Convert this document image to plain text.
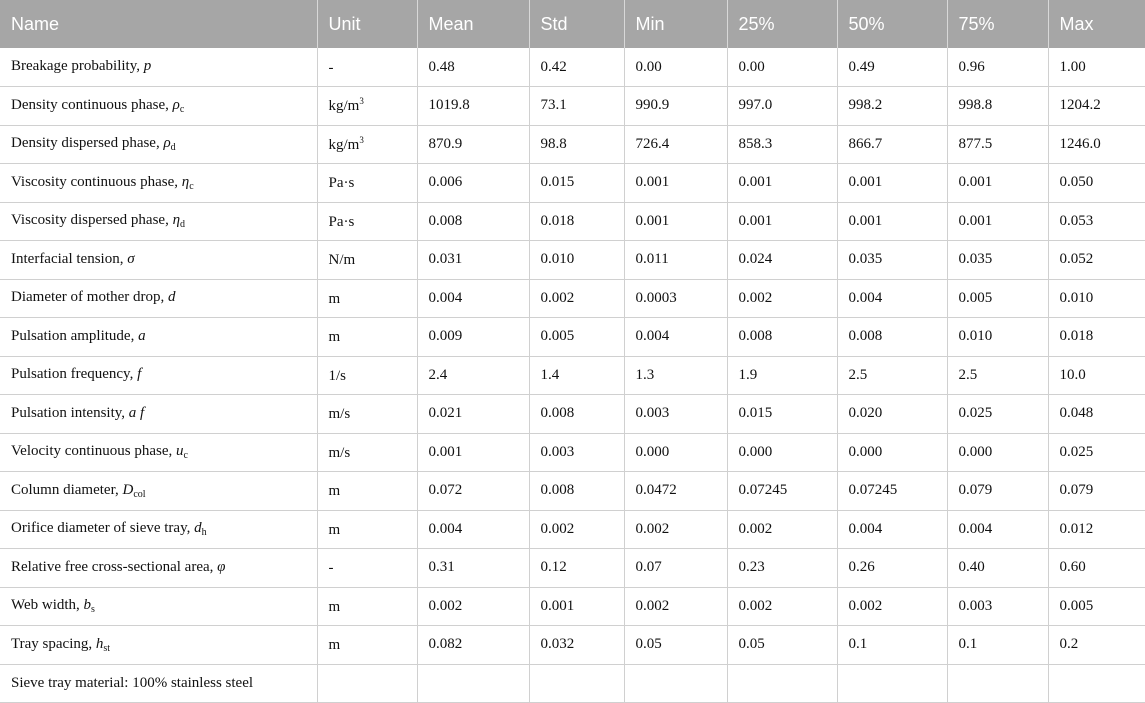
Name	Unit	Mean	Std	Min	25%	50%	75%	Max
Breakage probability, p	-	0.48	0.42	0.00	0.00	0.49	0.96	1.00
Density continuous phase, $\rho_c$	$kg/m^3$	1019.8	73.1	990.9	997.0	998.2	998.8	1204.2
Density dispersed phase, $\rho_d$	$kg/m^3$	870.9	98.8	726.4	858.3	866.7	877.5	1246.0
Viscosity continuous phase, $\eta_c$	Pa·s	0.006	0.015	0.001	0.001	0.001	0.001	0.050
Viscosity dispersed phase, $\eta_d$	Pa·s	0.008	0.018	0.001	0.001	0.001	0.001	0.053
Interfacial tension, σ	N/m	0.031	0.010	0.011	0.024	0.035	0.035	0.052
Diameter of mother drop, d	m	0.004	0.002	0.0003	0.002	0.004	0.005	0.010
Pulsation amplitude, a	m	0.009	0.005	0.004	0.008	0.008	0.010	0.018
Pulsation frequency, f	1/s	2.4	1.4	1.3	1.9	2.5	2.5	10.0
Pulsation intensity, a f	m/s	0.021	0.008	0.003	0.015	0.020	0.025	0.048
Velocity continuous phase, $u_c$	m/s	0.001	0.003	0.000	0.000	0.000	0.000	0.025
Column diameter, $D_{col}$	m	0.072	0.008	0.0472	0.07245	0.07245	0.079	0.079
Orifice diameter of sieve tray, $d_h$	m	0.004	0.002	0.002	0.002	0.004	0.004	0.012
Relative free cross-sectional area, φ	-	0.31	0.12	0.07	0.23	0.26	0.40	0.60
Web width, $b_s$	m	0.002	0.001	0.002	0.002	0.002	0.003	0.005
Tray spacing, $h_{st}$	m	0.082	0.032	0.05	0.05	0.1	0.1	0.2
Sieve tray material: 100% stainless steel								
